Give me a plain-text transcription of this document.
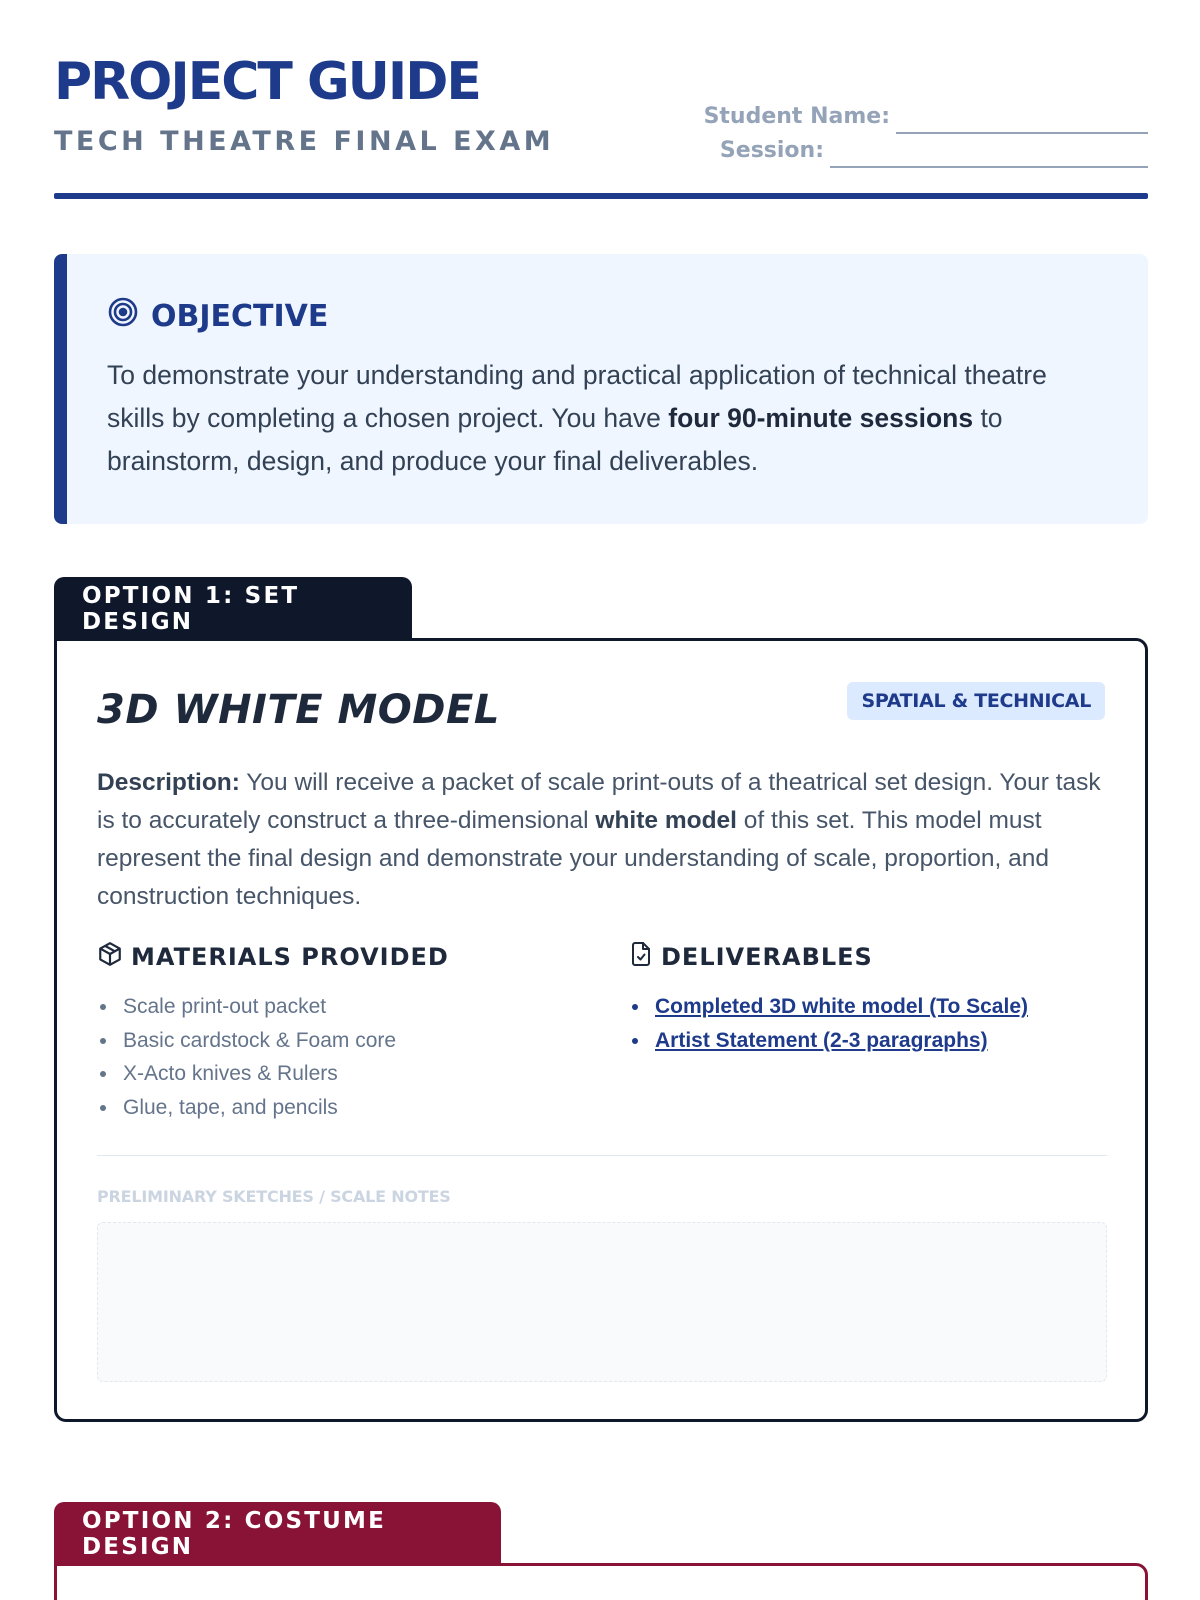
PROJECT GUIDE
TECH THEATRE FINAL EXAM
Student Name:
Session:
OBJECTIVE

To demonstrate your understanding and practical application of technical theatre skills by completing a chosen project. You have four 90-minute sessions to brainstorm, design, and produce your final deliverables.

OPTION 1: SET DESIGN
3D WHITE MODEL	SPATIAL & TECHNICAL

Description: You will receive a packet of scale print-outs of a theatrical set design. Your task is to accurately construct a three-dimensional white model of this set. This model must represent the final design and demonstrate your understanding of scale, proportion, and construction techniques.

MATERIALS PROVIDED
Scale print-out packet
Basic cardstock & Foam core
X-Acto knives & Rulers
Glue, tape, and pencils
DELIVERABLES
Completed 3D white model (To Scale)
Artist Statement (2-3 paragraphs)
PRELIMINARY SKETCHES / SCALE NOTES
OPTION 2: COSTUME DESIGN
